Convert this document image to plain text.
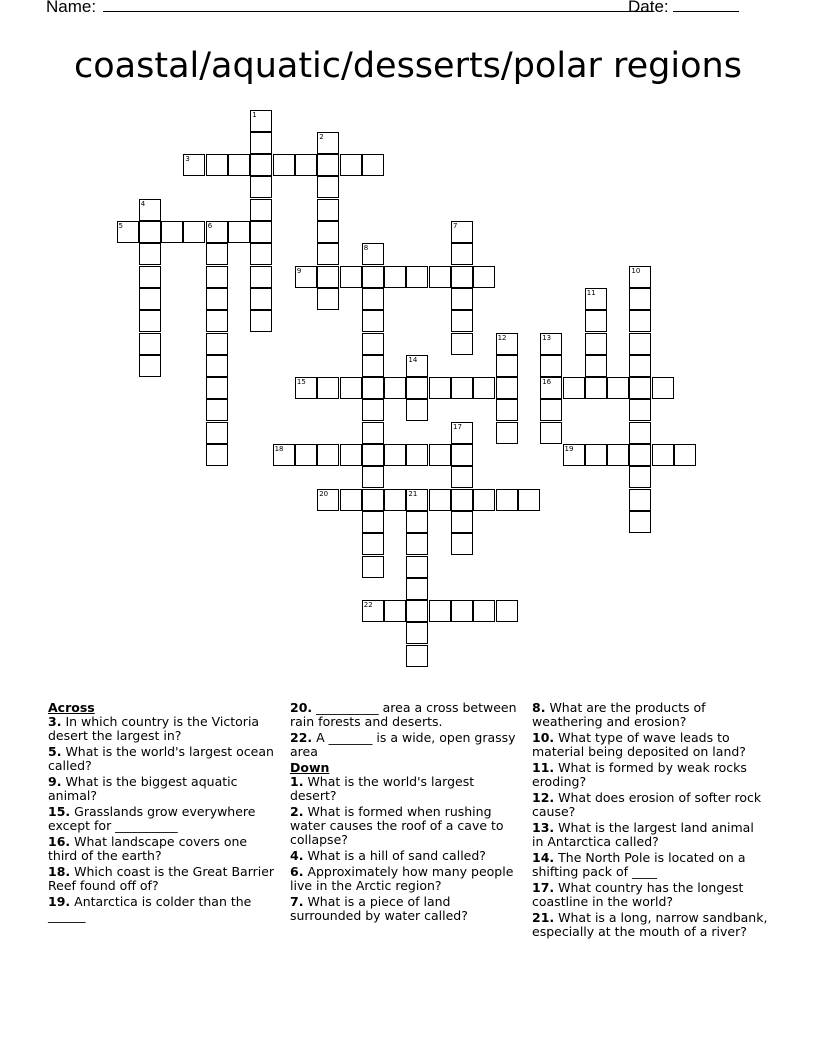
Name:	Date:
coastal/aquatic/desserts/polar regions
1
2
3
4
5	6	7
8
9	10
11
12	13
16
14
15
17
18	19
20	21
22

Across

3. In which country is the Victoria desert the largest in?

5. What is the world's largest ocean called?

9. What is the biggest aquatic animal?

15. Grasslands grow everywhere except for __________

16. What landscape covers one third of the earth?

18. Which coast is the Great Barrier Reef found off of?

19. Antarctica is colder than the ______

20. __________ area a cross between rain forests and deserts.

22. A _______ is a wide, open grassy area

Down

1. What is the world's largest desert?

2. What is formed when rushing water causes the roof of a cave to collapse?

4. What is a hill of sand called?

6. Approximately how many people live in the Arctic region?

7. What is a piece of land surrounded by water called?

8. What are the products of weathering and erosion?

10. What type of wave leads to material being deposited on land?

11. What is formed by weak rocks eroding?

12. What does erosion of softer rock cause?

13. What is the largest land animal in Antarctica called?

14. The North Pole is located on a shifting pack of ____

17. What country has the longest coastline in the world?

21. What is a long, narrow sandbank, especially at the mouth of a river?
